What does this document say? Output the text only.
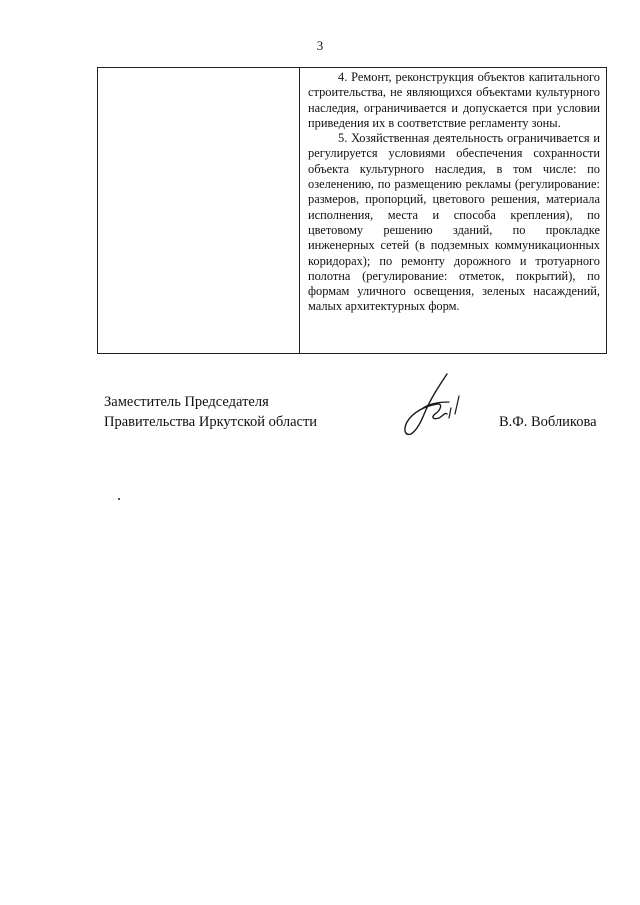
3

4. Ремонт, реконструкция объектов капитального строительства, не являющихся объектами культурного наследия, ограничивается и допускается при условии приведения их в соответствие регламенту зоны.

5. Хозяйственная деятельность ограничивается и регулируется условиями обеспечения сохранности объекта культурного наследия, в том числе: по озеленению, по размещению рекламы (регулирование: размеров, пропорций, цветового решения, материала исполнения, места и способа крепления), по цветовому решению зданий, по прокладке инженерных сетей (в подземных коммуникационных коридорах); по ремонту дорожного и тротуарного полотна (регулирование: отметок, покрытий), по формам уличного освещения, зеленых насаждений, малых архитектурных форм.

Заместитель Председателя
Правительства Иркутской области	В.Ф. Вобликова
